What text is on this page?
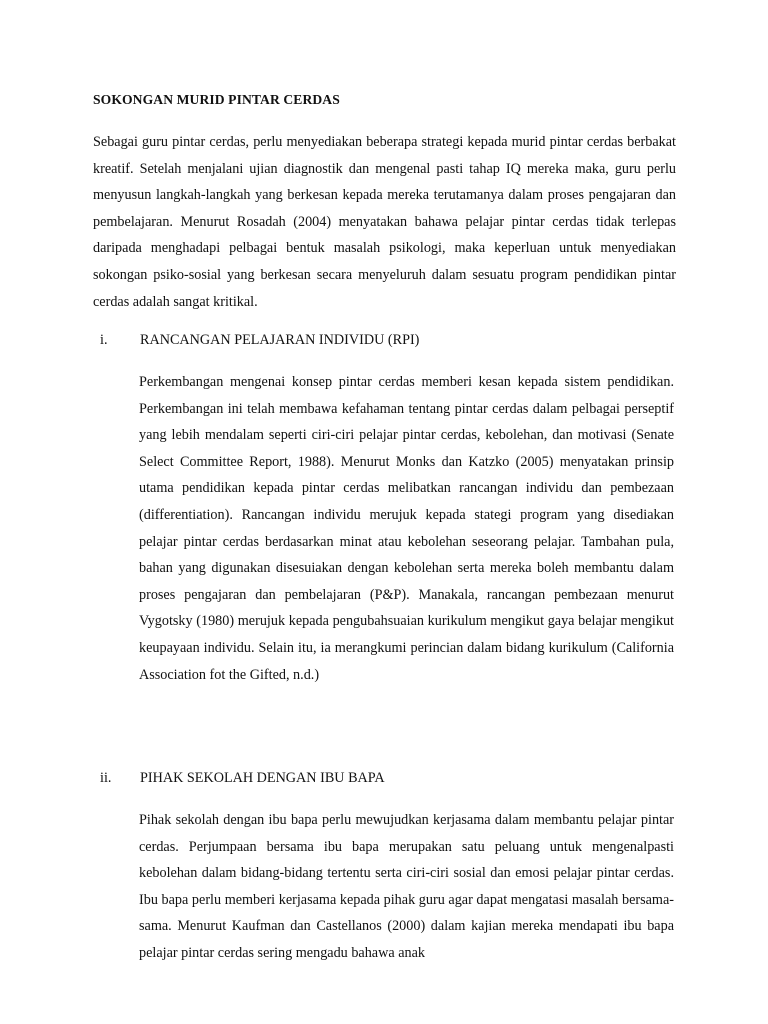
SOKONGAN MURID PINTAR CERDAS

Sebagai guru pintar cerdas, perlu menyediakan beberapa strategi kepada murid pintar cerdas berbakat kreatif. Setelah menjalani ujian diagnostik dan mengenal pasti tahap IQ mereka maka, guru perlu menyusun langkah-langkah yang berkesan kepada mereka terutamanya dalam proses pengajaran dan pembelajaran. Menurut Rosadah (2004) menyatakan bahawa pelajar pintar cerdas tidak terlepas daripada menghadapi pelbagai bentuk masalah psikologi, maka keperluan untuk menyediakan sokongan psiko-sosial yang berkesan secara menyeluruh dalam sesuatu program pendidikan pintar cerdas adalah sangat kritikal.

i. RANCANGAN PELAJARAN INDIVIDU (RPI)

Perkembangan mengenai konsep pintar cerdas memberi kesan kepada sistem pendidikan. Perkembangan ini telah membawa kefahaman tentang pintar cerdas dalam pelbagai perseptif yang lebih mendalam seperti ciri-ciri pelajar pintar cerdas, kebolehan, dan motivasi (Senate Select Committee Report, 1988). Menurut Monks dan Katzko (2005) menyatakan prinsip utama pendidikan kepada pintar cerdas melibatkan rancangan individu dan pembezaan (differentiation). Rancangan individu merujuk kepada stategi program yang disediakan pelajar pintar cerdas berdasarkan minat atau kebolehan seseorang pelajar. Tambahan pula, bahan yang digunakan disesuiakan dengan kebolehan serta mereka boleh membantu dalam proses pengajaran dan pembelajaran (P&P). Manakala, rancangan pembezaan menurut Vygotsky (1980) merujuk kepada pengubahsuaian kurikulum mengikut gaya belajar mengikut keupayaan individu. Selain itu, ia merangkumi perincian dalam bidang kurikulum (California Association fot the Gifted, n.d.)

ii. PIHAK SEKOLAH DENGAN IBU BAPA

Pihak sekolah dengan ibu bapa perlu mewujudkan kerjasama dalam membantu pelajar pintar cerdas. Perjumpaan bersama ibu bapa merupakan satu peluang untuk mengenalpasti kebolehan dalam bidang-bidang tertentu serta ciri-ciri sosial dan emosi pelajar pintar cerdas. Ibu bapa perlu memberi kerjasama kepada pihak guru agar dapat mengatasi masalah bersama-sama. Menurut Kaufman dan Castellanos (2000) dalam kajian mereka mendapati ibu bapa pelajar pintar cerdas sering mengadu bahawa anak
